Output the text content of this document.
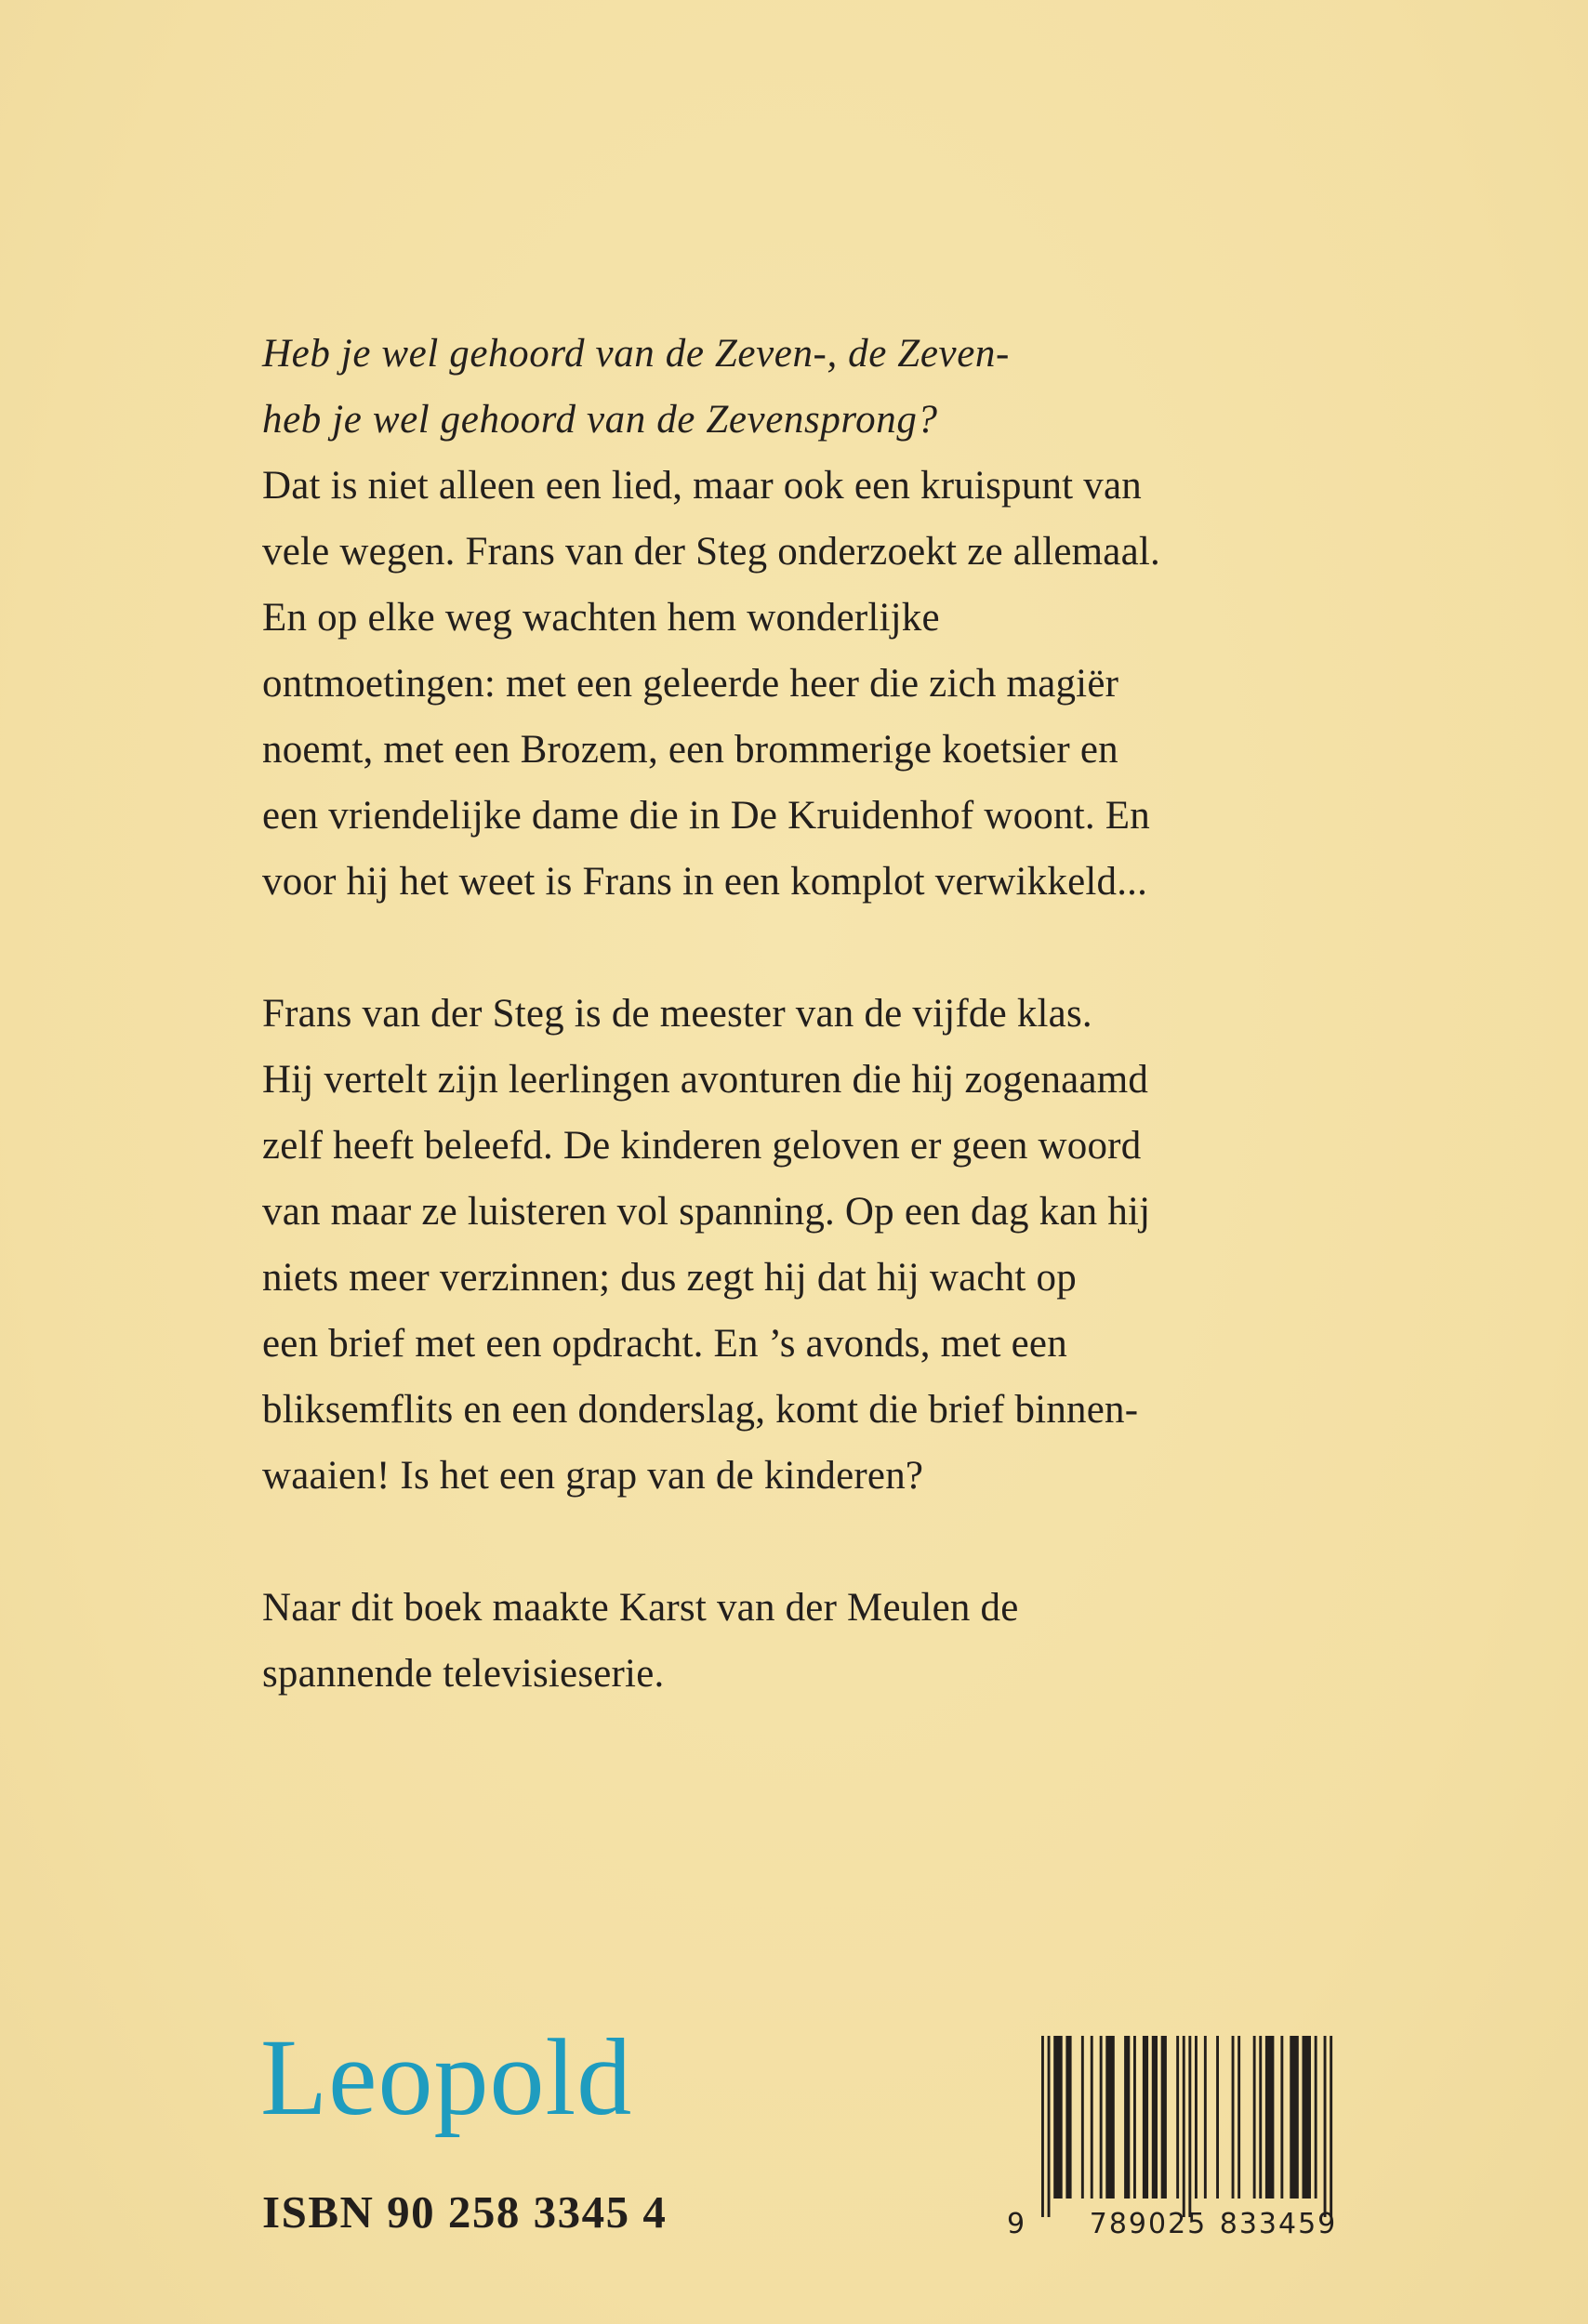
Heb je wel gehoord van de Zeven-, de Zeven-
heb je wel gehoord van de Zevensprong?
Dat is niet alleen een lied, maar ook een kruispunt van
vele wegen. Frans van der Steg onderzoekt ze allemaal.
En op elke weg wachten hem wonderlijke
ontmoetingen: met een geleerde heer die zich magiër
noemt, met een Brozem, een brommerige koetsier en
een vriendelijke dame die in De Kruidenhof woont. En
voor hij het weet is Frans in een komplot verwikkeld...
Frans van der Steg is de meester van de vijfde klas.
Hij vertelt zijn leerlingen avonturen die hij zogenaamd
zelf heeft beleefd. De kinderen geloven er geen woord
van maar ze luisteren vol spanning. Op een dag kan hij
niets meer verzinnen; dus zegt hij dat hij wacht op
een brief met een opdracht. En ’s avonds, met een
bliksemflits en een donderslag, komt die brief binnen-
waaien! Is het een grap van de kinderen?
Naar dit boek maakte Karst van der Meulen de
spannende televisieserie.
Leopold
ISBN 90 258 3345 4	9 789025 833459
